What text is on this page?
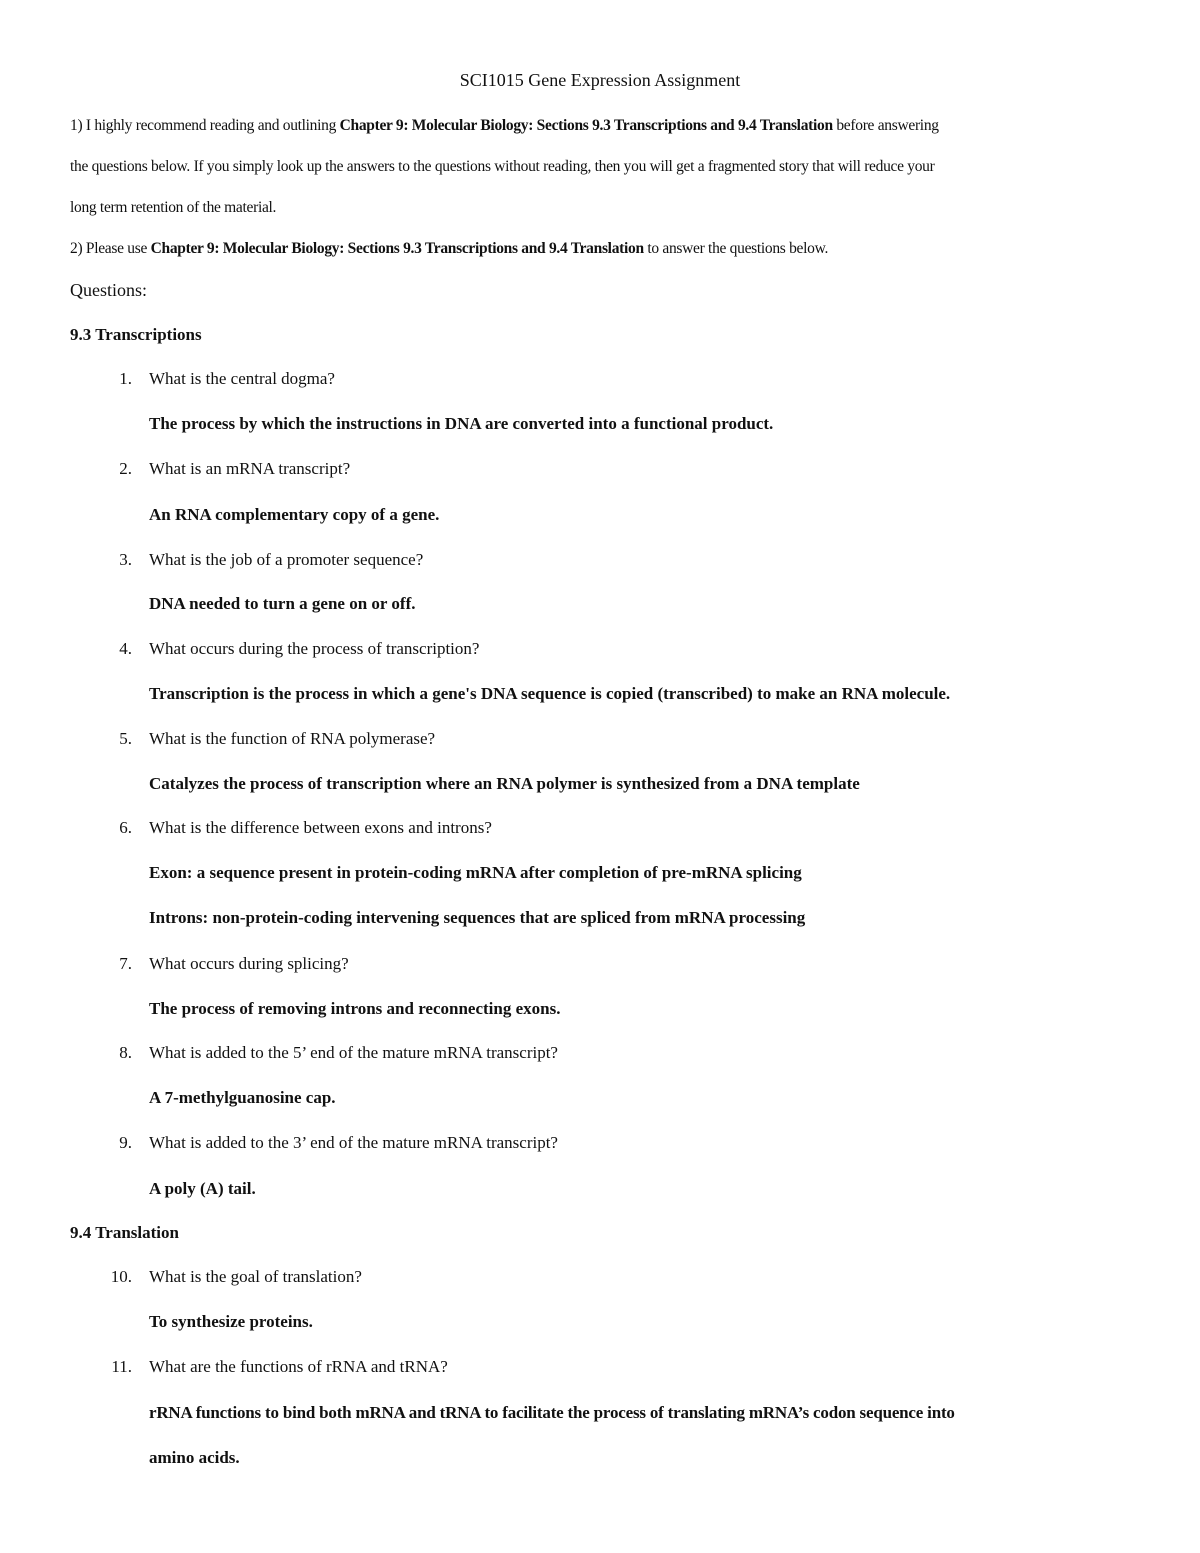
SCI1015 Gene Expression Assignment
1) I highly recommend reading and outlining Chapter 9: Molecular Biology: Sections 9.3 Transcriptions and 9.4 Translation before answering
the questions below. If you simply look up the answers to the questions without reading, then you will get a fragmented story that will reduce your
long term retention of the material.
2) Please use Chapter 9: Molecular Biology: Sections 9.3 Transcriptions and 9.4 Translation to answer the questions below.
Questions:
9.3 Transcriptions
1. What is the central dogma?
The process by which the instructions in DNA are converted into a functional product.
2. What is an mRNA transcript?
An RNA complementary copy of a gene.
3. What is the job of a promoter sequence?
DNA needed to turn a gene on or off.
4. What occurs during the process of transcription?
Transcription is the process in which a gene's DNA sequence is copied (transcribed) to make an RNA molecule.
5. What is the function of RNA polymerase?
Catalyzes the process of transcription where an RNA polymer is synthesized from a DNA template
6. What is the difference between exons and introns?
Exon: a sequence present in protein-coding mRNA after completion of pre-mRNA splicing
Introns: non-protein-coding intervening sequences that are spliced from mRNA processing
7. What occurs during splicing?
The process of removing introns and reconnecting exons.
8. What is added to the 5’ end of the mature mRNA transcript?
A 7-methylguanosine cap.
9. What is added to the 3’ end of the mature mRNA transcript?
A poly (A) tail.
9.4 Translation
10. What is the goal of translation?
To synthesize proteins.
11. What are the functions of rRNA and tRNA?
rRNA functions to bind both mRNA and tRNA to facilitate the process of translating mRNA’s codon sequence into
amino acids.
